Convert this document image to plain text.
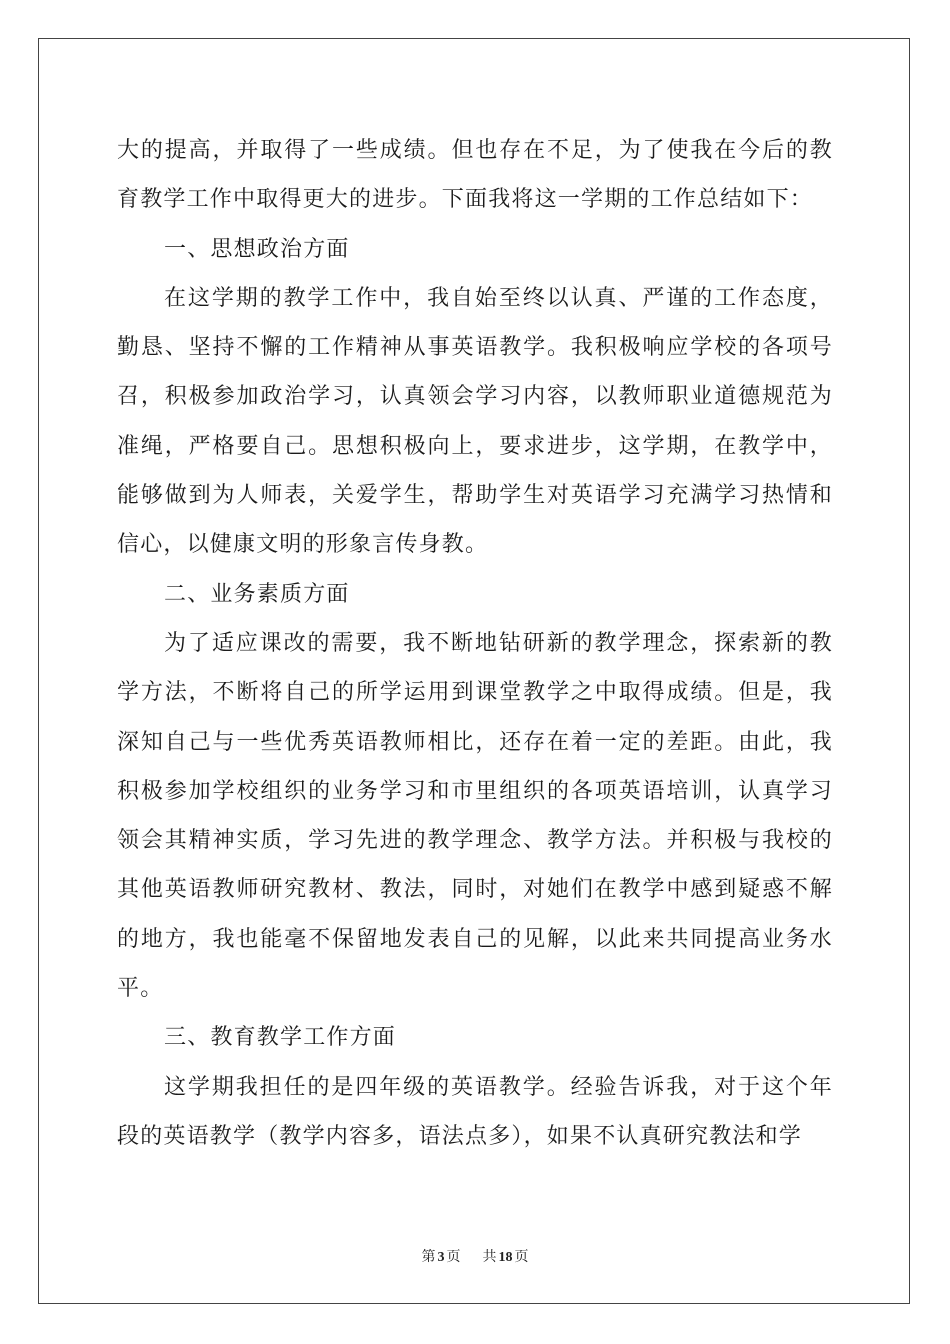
大的提高，并取得了一些成绩。但也存在不足，为了使我在今后的教育教学工作中取得更大的进步。下面我将这一学期的工作总结如下：

一、思想政治方面

在这学期的教学工作中，我自始至终以认真、严谨的工作态度，勤恳、坚持不懈的工作精神从事英语教学。我积极响应学校的各项号召，积极参加政治学习，认真领会学习内容，以教师职业道德规范为准绳，严格要自己。思想积极向上，要求进步，这学期，在教学中，能够做到为人师表，关爱学生，帮助学生对英语学习充满学习热情和信心，以健康文明的形象言传身教。

二、业务素质方面

为了适应课改的需要，我不断地钻研新的教学理念，探索新的教学方法，不断将自己的所学运用到课堂教学之中取得成绩。但是，我深知自己与一些优秀英语教师相比，还存在着一定的差距。由此，我积极参加学校组织的业务学习和市里组织的各项英语培训，认真学习领会其精神实质，学习先进的教学理念、教学方法。并积极与我校的其他英语教师研究教材、教法，同时，对她们在教学中感到疑惑不解的地方，我也能毫不保留地发表自己的见解，以此来共同提高业务水平。

三、教育教学工作方面

这学期我担任的是四年级的英语教学。经验告诉我，对于这个年段的英语教学（教学内容多，语法点多），如果不认真研究教法和学

第 3 页 共 18 页
